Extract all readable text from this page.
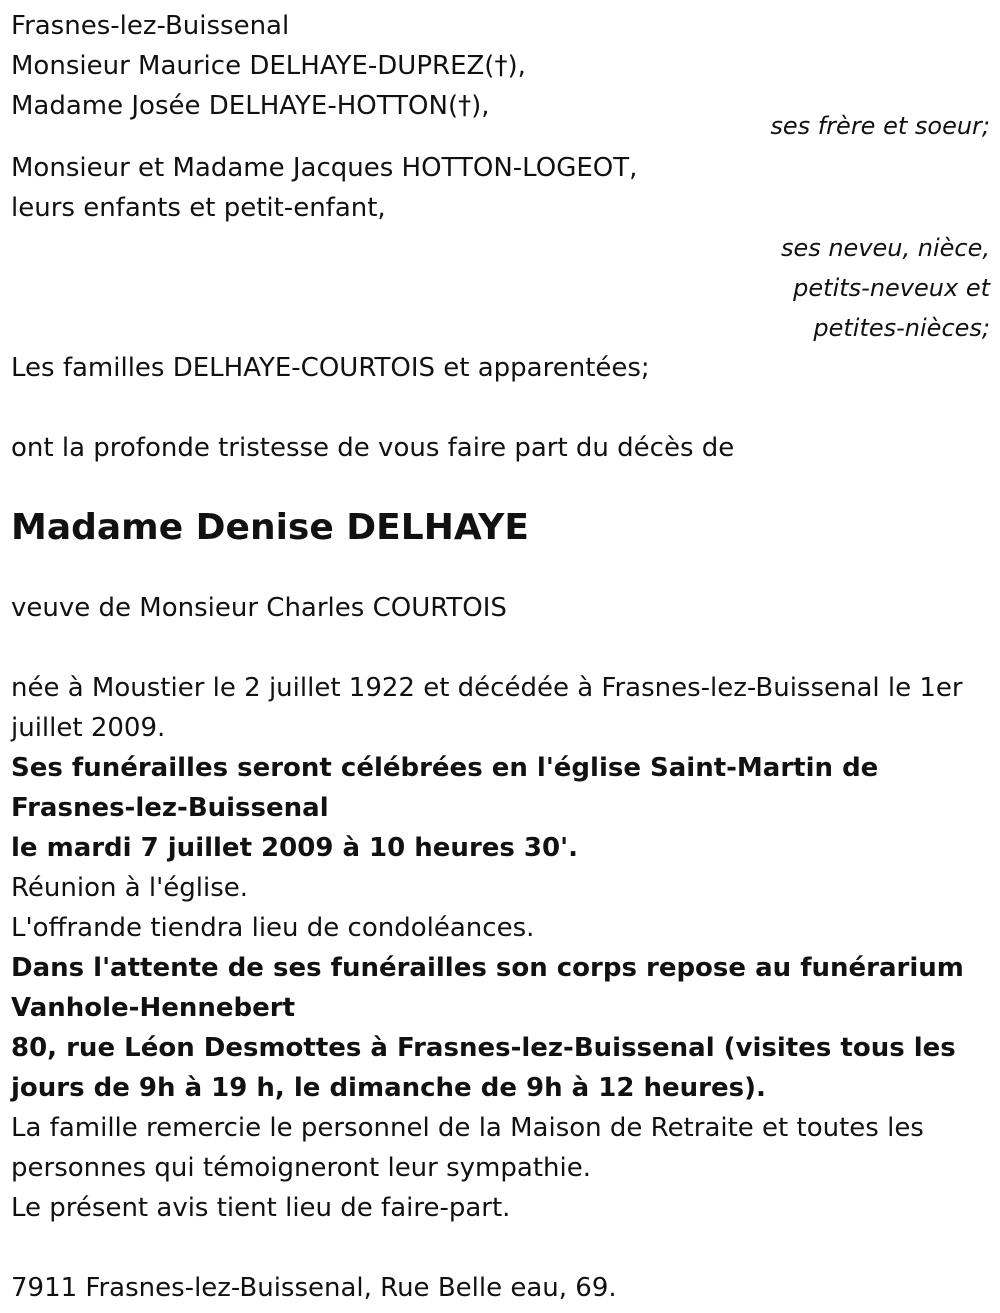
Frasnes-lez-Buissenal

Monsieur Maurice DELHAYE-DUPREZ(†),

Madame Josée DELHAYE-HOTTON(†),

ses frère et soeur;

Monsieur et Madame Jacques HOTTON-LOGEOT,

leurs enfants et petit-enfant,

ses neveu, nièce,

petits-neveux et

petites-nièces;

Les familles DELHAYE-COURTOIS et apparentées;

ont la profonde tristesse de vous faire part du décès de

Madame Denise DELHAYE

veuve de Monsieur Charles COURTOIS

née à Moustier le 2 juillet 1922 et décédée à Frasnes-lez-Buissenal le 1er juillet 2009.

Ses funérailles seront célébrées en l'église Saint-Martin de Frasnes-lez-Buissenal

le mardi 7 juillet 2009 à 10 heures 30'.

Réunion à l'église.

L'offrande tiendra lieu de condoléances.

Dans l'attente de ses funérailles son corps repose au funérarium Vanhole-Hennebert

80, rue Léon Desmottes à Frasnes-lez-Buissenal (visites tous les jours de 9h à 19 h, le dimanche de 9h à 12 heures).

La famille remercie le personnel de la Maison de Retraite et toutes les personnes qui témoigneront leur sympathie.

Le présent avis tient lieu de faire-part.

7911 Frasnes-lez-Buissenal, Rue Belle eau, 69.
